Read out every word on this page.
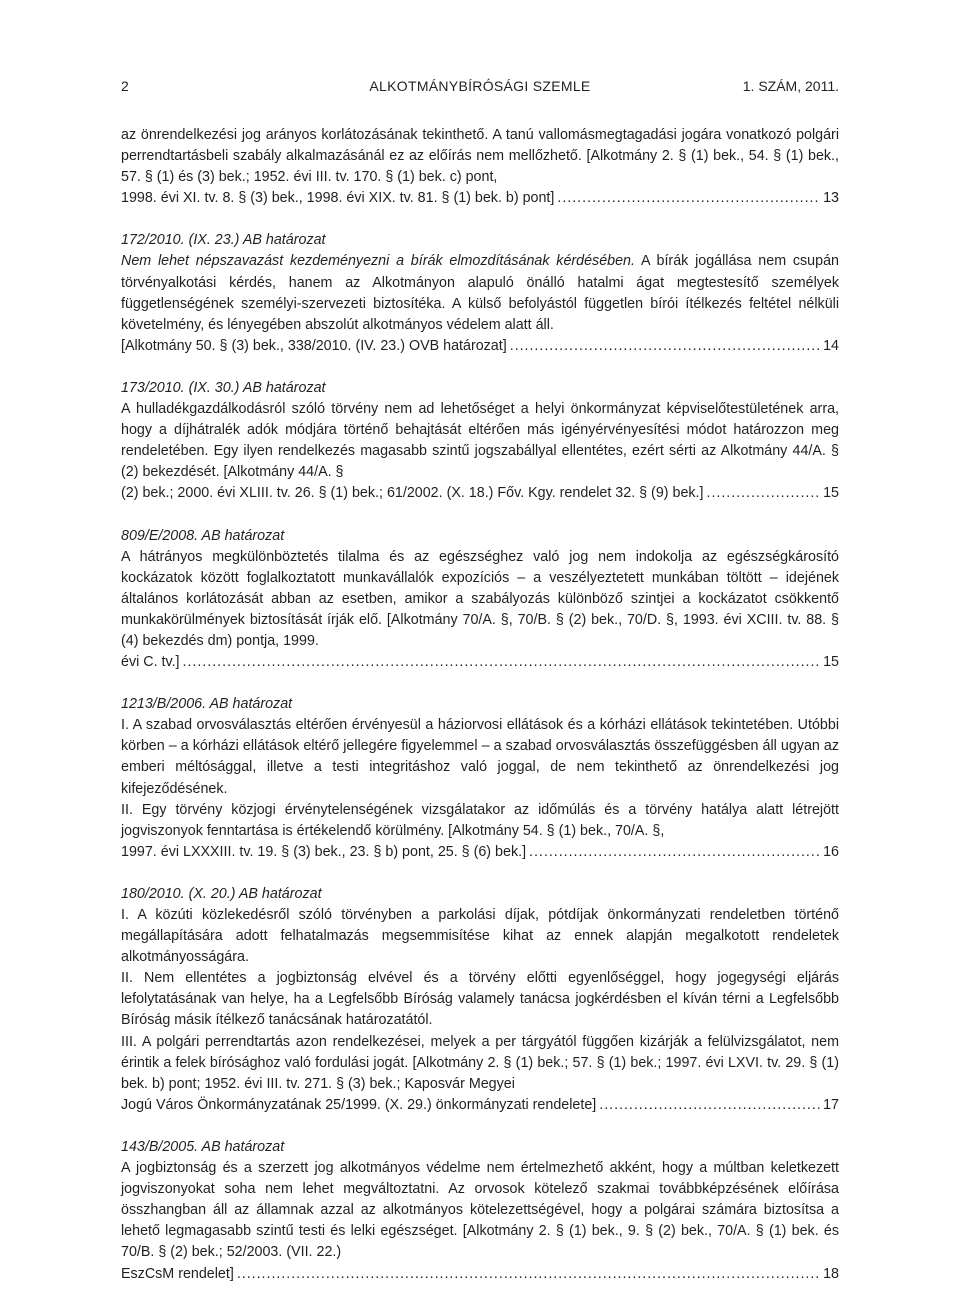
2	ALKOTMÁNYBÍRÓSÁGI SZEMLE	1. SZÁM, 2011.

az önrendelkezési jog arányos korlátozásának tekinthető. A tanú vallomásmegtagadási jogára vonatkozó polgári perrendtartásbeli szabály alkalmazásánál ez az előírás nem mellőzhető. [Alkotmány 2. § (1) bek., 54. § (1) bek., 57. § (1) és (3) bek.; 1952. évi III. tv. 170. § (1) bek. c) pont,

1998. évi XI. tv. 8. § (3) bek., 1998. évi XIX. tv. 81. § (1) bek. b) pont] . . .	13

172/2010. (IX. 23.) AB határozat

Nem lehet népszavazást kezdeményezni a bírák elmozdításának kérdésében. A bírák jogállása nem csupán törvényalkotási kérdés, hanem az Alkotmányon alapuló önálló hatalmi ágat megtestesítő személyek függetlenségének személyi-szervezeti biztosítéka. A külső befolyástól független bírói ítélkezés feltétel nélküli követelmény, és lényegében abszolút alkotmányos védelem alatt áll.

[Alkotmány 50. § (3) bek., 338/2010. (IV. 23.) OVB határozat] . . .	14

173/2010. (IX. 30.) AB határozat

A hulladékgazdálkodásról szóló törvény nem ad lehetőséget a helyi önkormányzat képviselőtestületének arra, hogy a díjhátralék adók módjára történő behajtását eltérően más igényérvényesítési módot határozzon meg rendeletében. Egy ilyen rendelkezés magasabb szintű jogszabállyal ellentétes, ezért sérti az Alkotmány 44/A. § (2) bekezdését. [Alkotmány 44/A. §

(2) bek.; 2000. évi XLIII. tv. 26. § (1) bek.; 61/2002. (X. 18.) Főv. Kgy. rendelet 32. § (9) bek.] . . .	15

809/E/2008. AB határozat

A hátrányos megkülönböztetés tilalma és az egészséghez való jog nem indokolja az egészségkárosító kockázatok között foglalkoztatott munkavállalók expozíciós – a veszélyeztetett munkában töltött – idejének általános korlátozását abban az esetben, amikor a szabályozás különböző szintjei a kockázatot csökkentő munkakörülmények biztosítását írják elő. [Alkotmány 70/A. §, 70/B. § (2) bek., 70/D. §, 1993. évi XCIII. tv. 88. § (4) bekezdés dm) pontja, 1999.

évi C. tv.] . . .	15

1213/B/2006. AB határozat

I. A szabad orvosválasztás eltérően érvényesül a háziorvosi ellátások és a kórházi ellátások tekintetében. Utóbbi körben – a kórházi ellátások eltérő jellegére figyelemmel – a szabad orvosválasztás összefüggésben áll ugyan az emberi méltósággal, illetve a testi integritáshoz való joggal, de nem tekinthető az önrendelkezési jog kifejeződésének.

II. Egy törvény közjogi érvénytelenségének vizsgálatakor az időmúlás és a törvény hatálya alatt létrejött jogviszonyok fenntartása is értékelendő körülmény. [Alkotmány 54. § (1) bek., 70/A. §,

1997. évi LXXXIII. tv. 19. § (3) bek., 23. § b) pont, 25. § (6) bek.] . . .	16

180/2010. (X. 20.) AB határozat

I. A közúti közlekedésről szóló törvényben a parkolási díjak, pótdíjak önkormányzati rendeletben történő megállapítására adott felhatalmazás megsemmisítése kihat az ennek alapján megalkotott rendeletek alkotmányosságára.

II. Nem ellentétes a jogbiztonság elvével és a törvény előtti egyenlőséggel, hogy jogegységi eljárás lefolytatásának van helye, ha a Legfelsőbb Bíróság valamely tanácsa jogkérdésben el kíván térni a Legfelsőbb Bíróság másik ítélkező tanácsának határozatától.

III. A polgári perrendtartás azon rendelkezései, melyek a per tárgyától függően kizárják a felülvizsgálatot, nem érintik a felek bírósághoz való fordulási jogát. [Alkotmány 2. § (1) bek.; 57. § (1) bek.; 1997. évi LXVI. tv. 29. § (1) bek. b) pont; 1952. évi III. tv. 271. § (3) bek.; Kaposvár Megyei

Jogú Város Önkormányzatának 25/1999. (X. 29.) önkormányzati rendelete] . . .	17

143/B/2005. AB határozat

A jogbiztonság és a szerzett jog alkotmányos védelme nem értelmezhető akként, hogy a múltban keletkezett jogviszonyokat soha nem lehet megváltoztatni. Az orvosok kötelező szakmai továbbképzésének előírása összhangban áll az államnak azzal az alkotmányos kötelezettségével, hogy a polgárai számára biztosítsa a lehető legmagasabb szintű testi és lelki egészséget. [Alkotmány 2. § (1) bek., 9. § (2) bek., 70/A. § (1) bek. és 70/B. § (2) bek.; 52/2003. (VII. 22.)

EszCsM rendelet] . . .	18
